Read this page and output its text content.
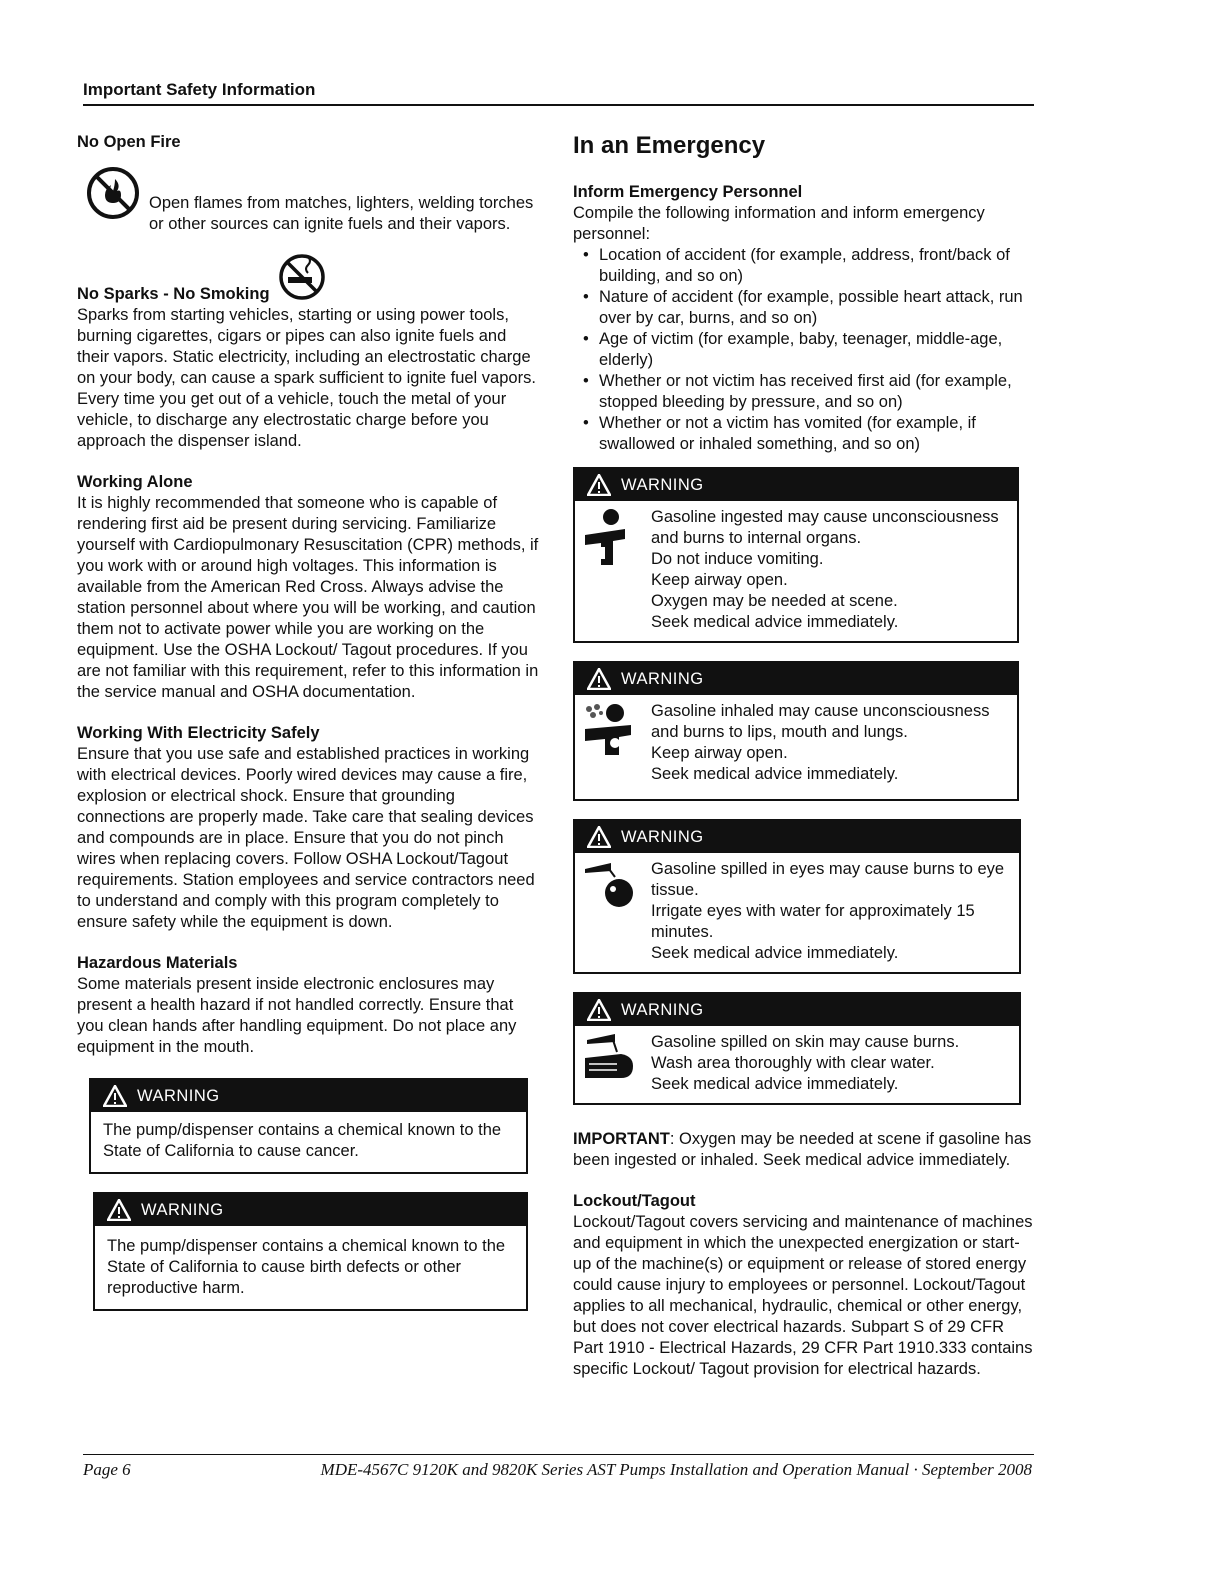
Important Safety Information
No Open Fire

Open flames from matches, lighters, welding torches or other sources can ignite fuels and their vapors.

No Sparks - No Smoking

Sparks from starting vehicles, starting or using power tools, burning cigarettes, cigars or pipes can also ignite fuels and their vapors. Static electricity, including an electrostatic charge on your body, can cause a spark sufficient to ignite fuel vapors. Every time you get out of a vehicle, touch the metal of your vehicle, to discharge any electrostatic charge before you approach the dispenser island.

Working Alone

It is highly recommended that someone who is capable of rendering first aid be present during servicing. Familiarize yourself with Cardiopulmonary Resuscitation (CPR) methods, if you work with or around high voltages. This information is available from the American Red Cross. Always advise the station personnel about where you will be working, and caution them not to activate power while you are working on the equipment. Use the OSHA Lockout/ Tagout procedures. If you are not familiar with this requirement, refer to this information in the service manual and OSHA documentation.

Working With Electricity Safely

Ensure that you use safe and established practices in working with electrical devices. Poorly wired devices may cause a fire, explosion or electrical shock. Ensure that grounding connections are properly made. Take care that sealing devices and compounds are in place. Ensure that you do not pinch wires when replacing covers. Follow OSHA Lockout/Tagout requirements. Station employees and service contractors need to understand and comply with this program completely to ensure safety while the equipment is down.

Hazardous Materials

Some materials present inside electronic enclosures may present a health hazard if not handled correctly. Ensure that you clean hands after handling equipment. Do not place any equipment in the mouth.

WARNING

The pump/dispenser contains a chemical known to the State of California to cause cancer.

WARNING

The pump/dispenser contains a chemical known to the State of California to cause birth defects or other reproductive harm.

In an Emergency
Inform Emergency Personnel

Compile the following information and inform emergency personnel:

• Location of accident (for example, address, front/back of building, and so on)
• Nature of accident (for example, possible heart attack, run over by car, burns, and so on)
• Age of victim (for example, baby, teenager, middle-age, elderly)
• Whether or not victim has received first aid (for example, stopped bleeding by pressure, and so on)
• Whether or not a victim has vomited (for example, if swallowed or inhaled something, and so on)
WARNING

Gasoline ingested may cause unconsciousness and burns to internal organs.

Do not induce vomiting.

Keep airway open.

Oxygen may be needed at scene.

Seek medical advice immediately.

WARNING

Gasoline inhaled may cause unconsciousness and burns to lips, mouth and lungs.

Keep airway open.

Seek medical advice immediately.

WARNING

Gasoline spilled in eyes may cause burns to eye tissue.

Irrigate eyes with water for approximately 15 minutes.

Seek medical advice immediately.

WARNING

Gasoline spilled on skin may cause burns.

Wash area thoroughly with clear water.

Seek medical advice immediately.

IMPORTANT: Oxygen may be needed at scene if gasoline has been ingested or inhaled. Seek medical advice immediately.

Lockout/Tagout

Lockout/Tagout covers servicing and maintenance of machines and equipment in which the unexpected energization or start-up of the machine(s) or equipment or release of stored energy could cause injury to employees or personnel. Lockout/Tagout applies to all mechanical, hydraulic, chemical or other energy, but does not cover electrical hazards. Subpart S of 29 CFR Part 1910 - Electrical Hazards, 29 CFR Part 1910.333 contains specific Lockout/ Tagout provision for electrical hazards.

Page 6	MDE-4567C 9120K and 9820K Series AST Pumps Installation and Operation Manual · September 2008
